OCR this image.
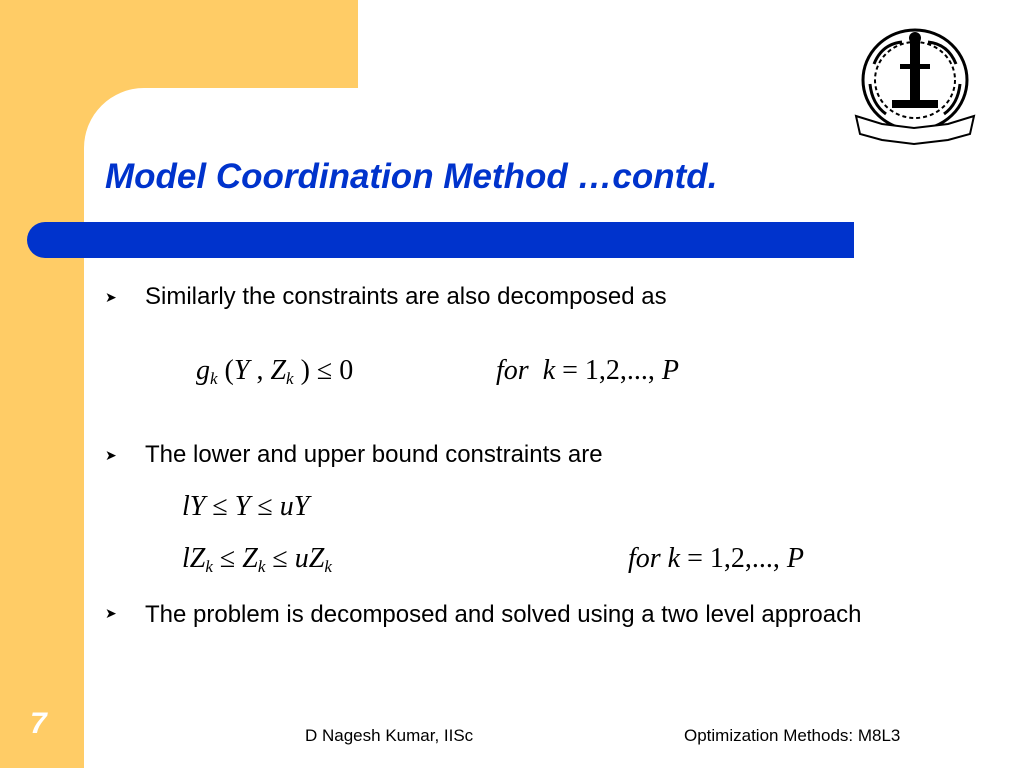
Model Coordination Method …contd.
➤	Similarly the constraints are also decomposed as
$g_k$ (Y , $Z_k$ ) ≤ 0	for k = 1,2,..., P
➤	The lower and upper bound constraints are
lY ≤ Y ≤ uY
$lZ_k \le Z_k \le uZ_k$	for k = 1,2,..., P
➤	The problem is decomposed and solved using a two level approach
7	D Nagesh Kumar, IISc	Optimization Methods: M8L3
